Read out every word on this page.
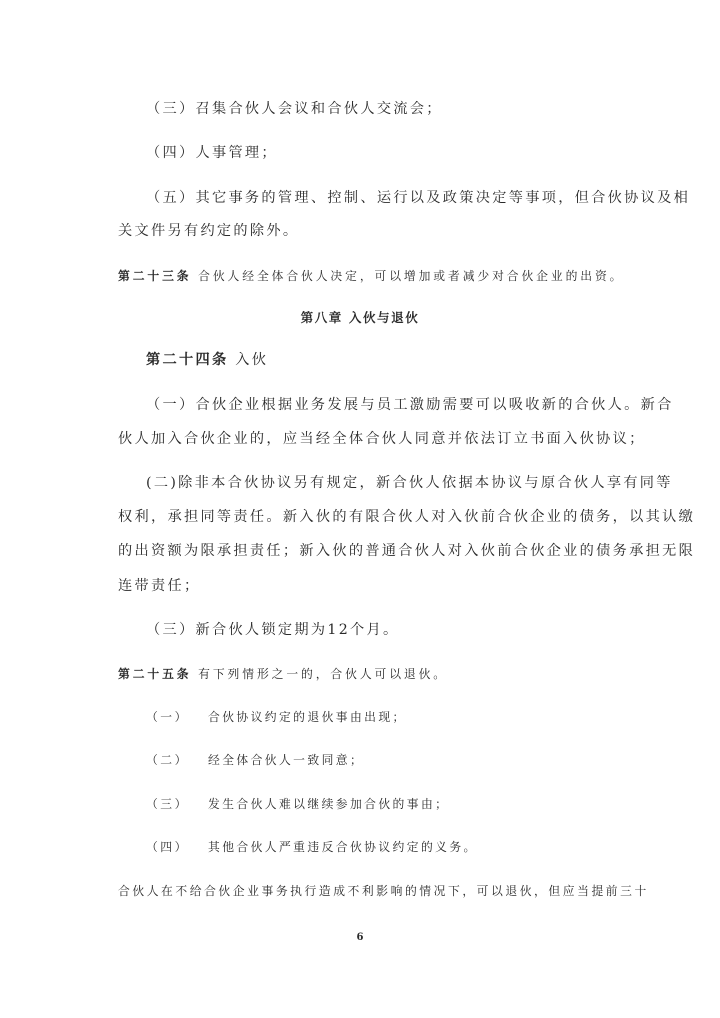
（三）召集合伙人会议和合伙人交流会；
（四）人事管理；
（五）其它事务的管理、控制、运行以及政策决定等事项，但合伙协议及相
关文件另有约定的除外。
第二十三条 合伙人经全体合伙人决定，可以增加或者减少对合伙企业的出资。
第八章 入伙与退伙
第二十四条 入伙
（一）合伙企业根据业务发展与员工激励需要可以吸收新的合伙人。新合
伙人加入合伙企业的，应当经全体合伙人同意并依法订立书面入伙协议；
(二)除非本合伙协议另有规定，新合伙人依据本协议与原合伙人享有同等
权利，承担同等责任。新入伙的有限合伙人对入伙前合伙企业的债务，以其认缴
的出资额为限承担责任；新入伙的普通合伙人对入伙前合伙企业的债务承担无限
连带责任；
（三）新合伙人锁定期为12个月。
第二十五条 有下列情形之一的，合伙人可以退伙。
（一） 合伙协议约定的退伙事由出现；
（二） 经全体合伙人一致同意；
（三） 发生合伙人难以继续参加合伙的事由；
（四） 其他合伙人严重违反合伙协议约定的义务。
合伙人在不给合伙企业事务执行造成不利影响的情况下，可以退伙，但应当提前三十
6
